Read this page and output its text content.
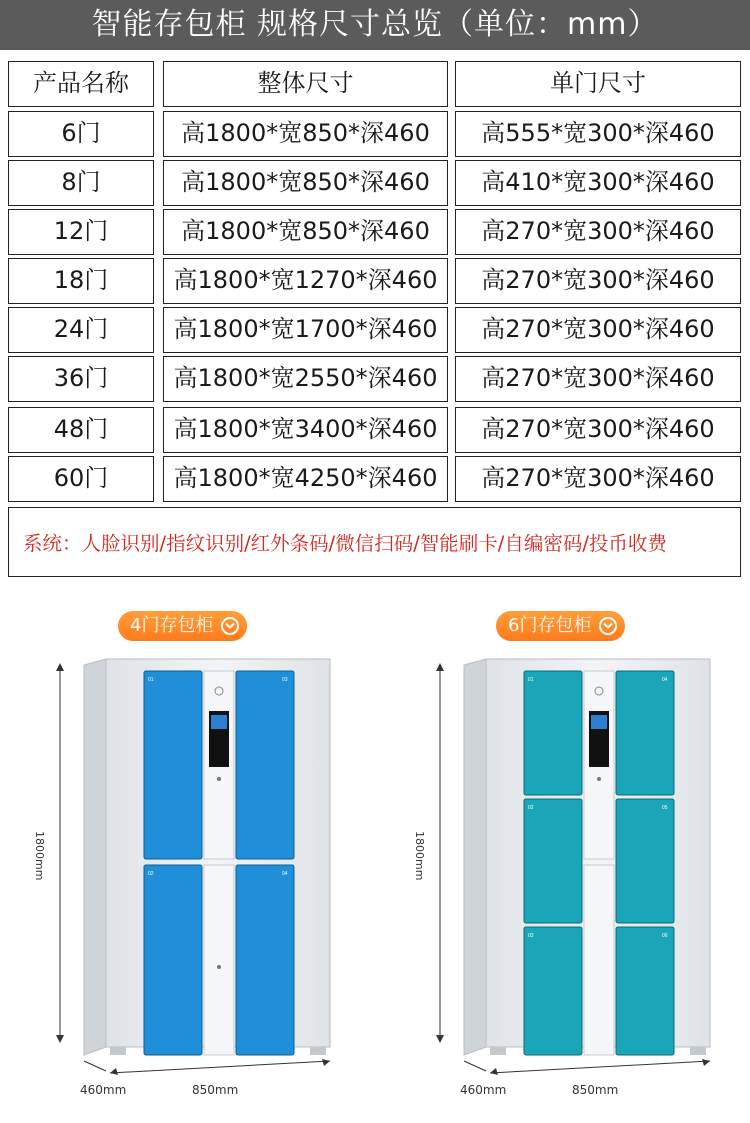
智能存包柜 规格尺寸总览（单位：mm）
产品名称	整体尺寸	单门尺寸
6门	高1800*宽850*深460	高555*宽300*深460
8门	高1800*宽850*深460	高410*宽300*深460
12门	高1800*宽850*深460	高270*宽300*深460
18门	高1800*宽1270*深460	高270*宽300*深460
24门	高1800*宽1700*深460	高270*宽300*深460
36门	高1800*宽2550*深460	高270*宽300*深460
48门	高1800*宽3400*深460	高270*宽300*深460
60门	高1800*宽4250*深460	高270*宽300*深460
系统：人脸识别/指纹识别/红外条码/微信扫码/智能刷卡/自编密码/投币收费
4门存包柜	6门存包柜
1800mm
01	03
02	04
460mm	850mm
1800mm
01	04
02	05
03	06
460mm	850mm
